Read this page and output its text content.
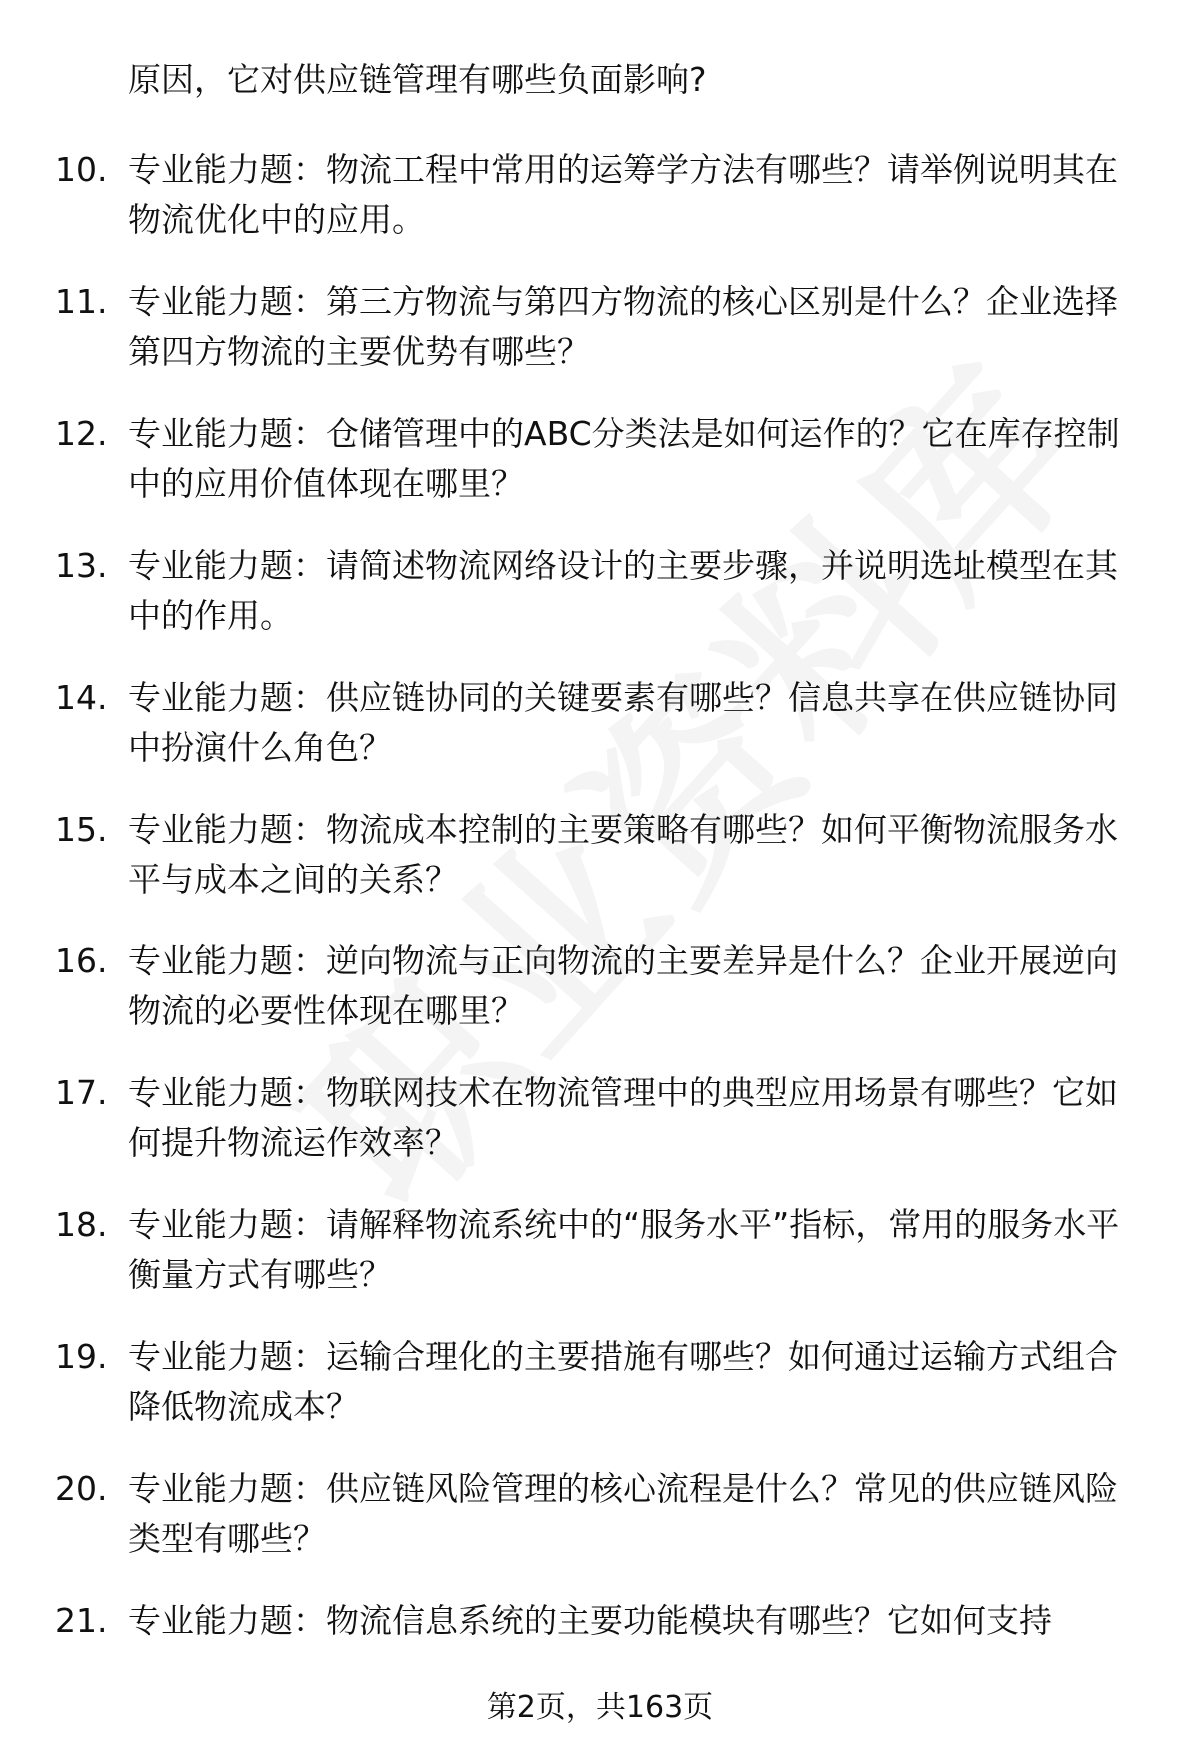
原因，它对供应链管理有哪些负面影响?

10. 专业能力题：物流工程中常用的运筹学方法有哪些？请举例说明其在物流优化中的应用。

11. 专业能力题：第三方物流与第四方物流的核心区别是什么？企业选择第四方物流的主要优势有哪些？

12. 专业能力题：仓储管理中的ABC分类法是如何运作的？它在库存控制中的应用价值体现在哪里？

13. 专业能力题：请简述物流网络设计的主要步骤，并说明选址模型在其中的作用。

14. 专业能力题：供应链协同的关键要素有哪些？信息共享在供应链协同中扮演什么角色？

15. 专业能力题：物流成本控制的主要策略有哪些？如何平衡物流服务水平与成本之间的关系？

16. 专业能力题：逆向物流与正向物流的主要差异是什么？企业开展逆向物流的必要性体现在哪里？

17. 专业能力题：物联网技术在物流管理中的典型应用场景有哪些？它如何提升物流运作效率？

18. 专业能力题：请解释物流系统中的“服务水平”指标，常用的服务水平衡量方式有哪些？

19. 专业能力题：运输合理化的主要措施有哪些？如何通过运输方式组合降低物流成本？

20. 专业能力题：供应链风险管理的核心流程是什么？常见的供应链风险类型有哪些？

21. 专业能力题：物流信息系统的主要功能模块有哪些？它如何支持

第2页，共163页
